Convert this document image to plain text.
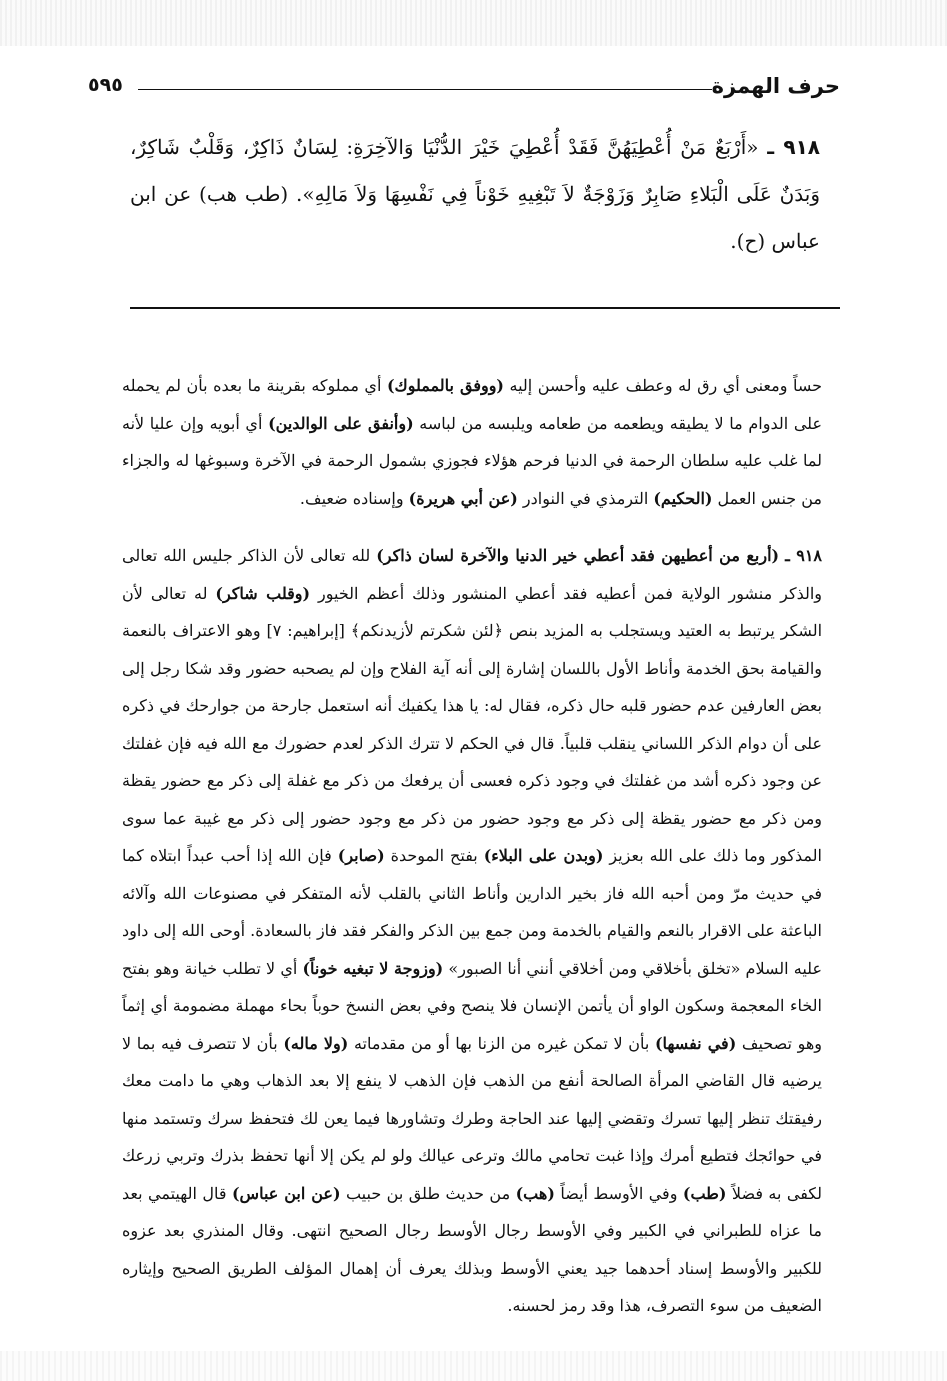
حرف الهمزة
٥٩٥
٩١٨ ـ «أَرْبَعٌ مَنْ أُعْطِيَهُنَّ فَقَدْ أُعْطِيَ خَيْرَ الدُّنْيَا وَالآخِرَةِ: لِسَانٌ ذَاكِرٌ، وَقَلْبٌ شَاكِرٌ، وَبَدَنٌ عَلَى الْبَلاءِ صَابِرٌ وَزَوْجَةٌ لاَ تَبْغِيهِ خَوْناً فِي نَفْسِهَا وَلاَ مَالِهِ». (طب هب) عن ابن عباس (ح).
حساً ومعنى أي رق له وعطف عليه وأحسن إليه (ووفق بالمملوك) أي مملوكه بقرينة ما بعده بأن لم يحمله على الدوام ما لا يطيقه ويطعمه من طعامه ويلبسه من لباسه (وأنفق على الوالدين) أي أبويه وإن عليا لأنه لما غلب عليه سلطان الرحمة في الدنيا فرحم هؤلاء فجوزي بشمول الرحمة في الآخرة وسبوغها له والجزاء من جنس العمل (الحكيم) الترمذي في النوادر (عن أبي هريرة) وإسناده ضعيف.
٩١٨ ـ (أربع من أعطيهن فقد أعطي خير الدنيا والآخرة لسان ذاكر) لله تعالى لأن الذاكر جليس الله تعالى والذكر منشور الولاية فمن أعطيه فقد أعطي المنشور وذلك أعظم الخيور (وقلب شاكر) له تعالى لأن الشكر يرتبط به العتيد ويستجلب به المزيد بنص ﴿لئن شكرتم لأزيدنكم﴾ [إبراهيم: ٧] وهو الاعتراف بالنعمة والقيامة بحق الخدمة وأناط الأول باللسان إشارة إلى أنه آية الفلاح وإن لم يصحبه حضور وقد شكا رجل إلى بعض العارفين عدم حضور قلبه حال ذكره، فقال له: يا هذا يكفيك أنه استعمل جارحة من جوارحك في ذكره على أن دوام الذكر اللساني ينقلب قلبياً. قال في الحكم لا تترك الذكر لعدم حضورك مع الله فيه فإن غفلتك عن وجود ذكره أشد من غفلتك في وجود ذكره فعسى أن يرفعك من ذكر مع غفلة إلى ذكر مع حضور يقظة ومن ذكر مع حضور يقظة إلى ذكر مع وجود حضور من ذكر مع وجود حضور إلى ذكر مع غيبة عما سوى المذكور وما ذلك على الله بعزيز (وبدن على البلاء) بفتح الموحدة (صابر) فإن الله إذا أحب عبداً ابتلاه كما في حديث مرّ ومن أحبه الله فاز بخير الدارين وأناط الثاني بالقلب لأنه المتفكر في مصنوعات الله وآلائه الباعثة على الاقرار بالنعم والقيام بالخدمة ومن جمع بين الذكر والفكر فقد فاز بالسعادة. أوحى الله إلى داود عليه السلام «تخلق بأخلاقي ومن أخلاقي أنني أنا الصبور» (وزوجة لا تبغيه خوناً) أي لا تطلب خيانة وهو بفتح الخاء المعجمة وسكون الواو أن يأتمن الإنسان فلا ينصح وفي بعض النسخ حوباً بحاء مهملة مضمومة أي إثماً وهو تصحيف (في نفسها) بأن لا تمكن غيره من الزنا بها أو من مقدماته (ولا ماله) بأن لا تتصرف فيه بما لا يرضيه قال القاضي المرأة الصالحة أنفع من الذهب فإن الذهب لا ينفع إلا بعد الذهاب وهي ما دامت معك رفيقتك تنظر إليها تسرك وتقضي إليها عند الحاجة وطرك وتشاورها فيما يعن لك فتحفظ سرك وتستمد منها في حوائجك فتطيع أمرك وإذا غبت تحامي مالك وترعى عيالك ولو لم يكن إلا أنها تحفظ بذرك وتربي زرعك لكفى به فضلاً (طب) وفي الأوسط أيضاً (هب) من حديث طلق بن حبيب (عن ابن عباس) قال الهيتمي بعد ما عزاه للطبراني في الكبير وفي الأوسط رجال الأوسط رجال الصحيح انتهى. وقال المنذري بعد عزوه للكبير والأوسط إسناد أحدهما جيد يعني الأوسط وبذلك يعرف أن إهمال المؤلف الطريق الصحيح وإيثاره الضعيف من سوء التصرف، هذا وقد رمز لحسنه.
